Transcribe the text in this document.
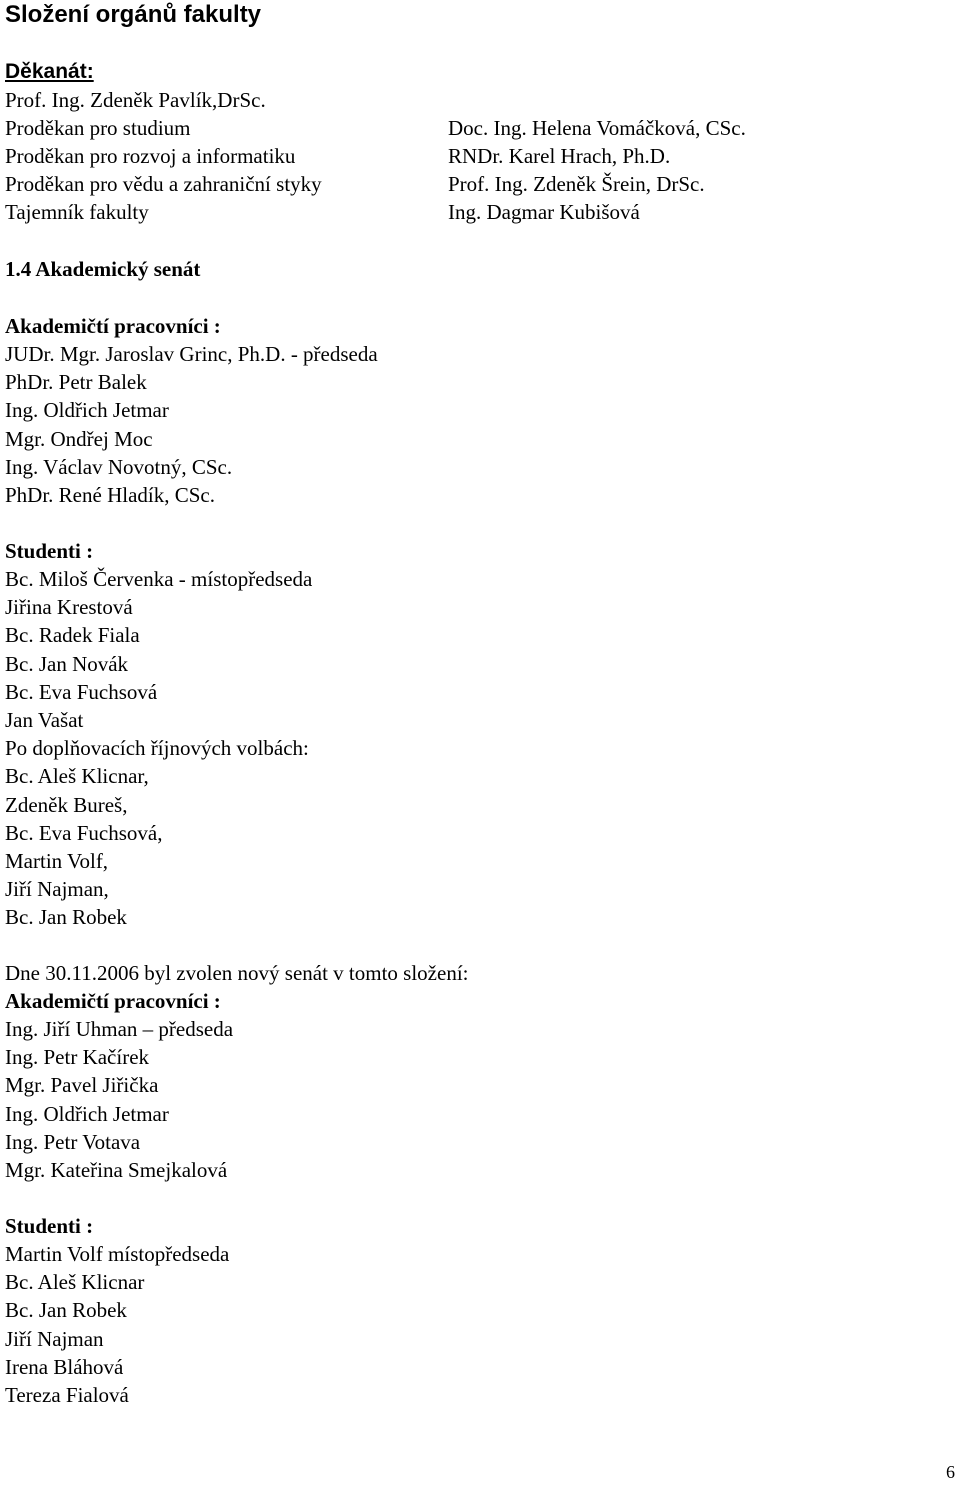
Složení orgánů fakulty
Děkanát:
Prof. Ing. Zdeněk Pavlík,DrSc.
Proděkan pro studium	Doc. Ing. Helena Vomáčková, CSc.
Proděkan pro rozvoj a informatiku	RNDr. Karel Hrach, Ph.D.
Proděkan pro vědu a zahraniční styky	Prof. Ing. Zdeněk Šrein, DrSc.
Tajemník fakulty	Ing. Dagmar Kubišová
1.4 Akademický senát
Akademičtí pracovníci :
JUDr. Mgr. Jaroslav Grinc, Ph.D. - předseda
PhDr. Petr Balek
Ing. Oldřich Jetmar
Mgr. Ondřej Moc
Ing. Václav Novotný, CSc.
PhDr. René Hladík, CSc.
Studenti :
Bc. Miloš Červenka - místopředseda
Jiřina Krestová
Bc. Radek Fiala
Bc. Jan Novák
Bc. Eva Fuchsová
Jan Vašat
Po doplňovacích říjnových volbách:
Bc. Aleš Klicnar,
Zdeněk Bureš,
Bc. Eva Fuchsová,
Martin Volf,
Jiří Najman,
Bc. Jan Robek
Dne 30.11.2006 byl zvolen nový senát v tomto složení:
Akademičtí pracovníci :
Ing. Jiří Uhman – předseda
Ing. Petr Kačírek
Mgr. Pavel Jiřička
Ing. Oldřich Jetmar
Ing. Petr Votava
Mgr. Kateřina Smejkalová
Studenti :
Martin Volf místopředseda
Bc. Aleš Klicnar
Bc. Jan Robek
Jiří Najman
Irena Bláhová
Tereza Fialová
6
